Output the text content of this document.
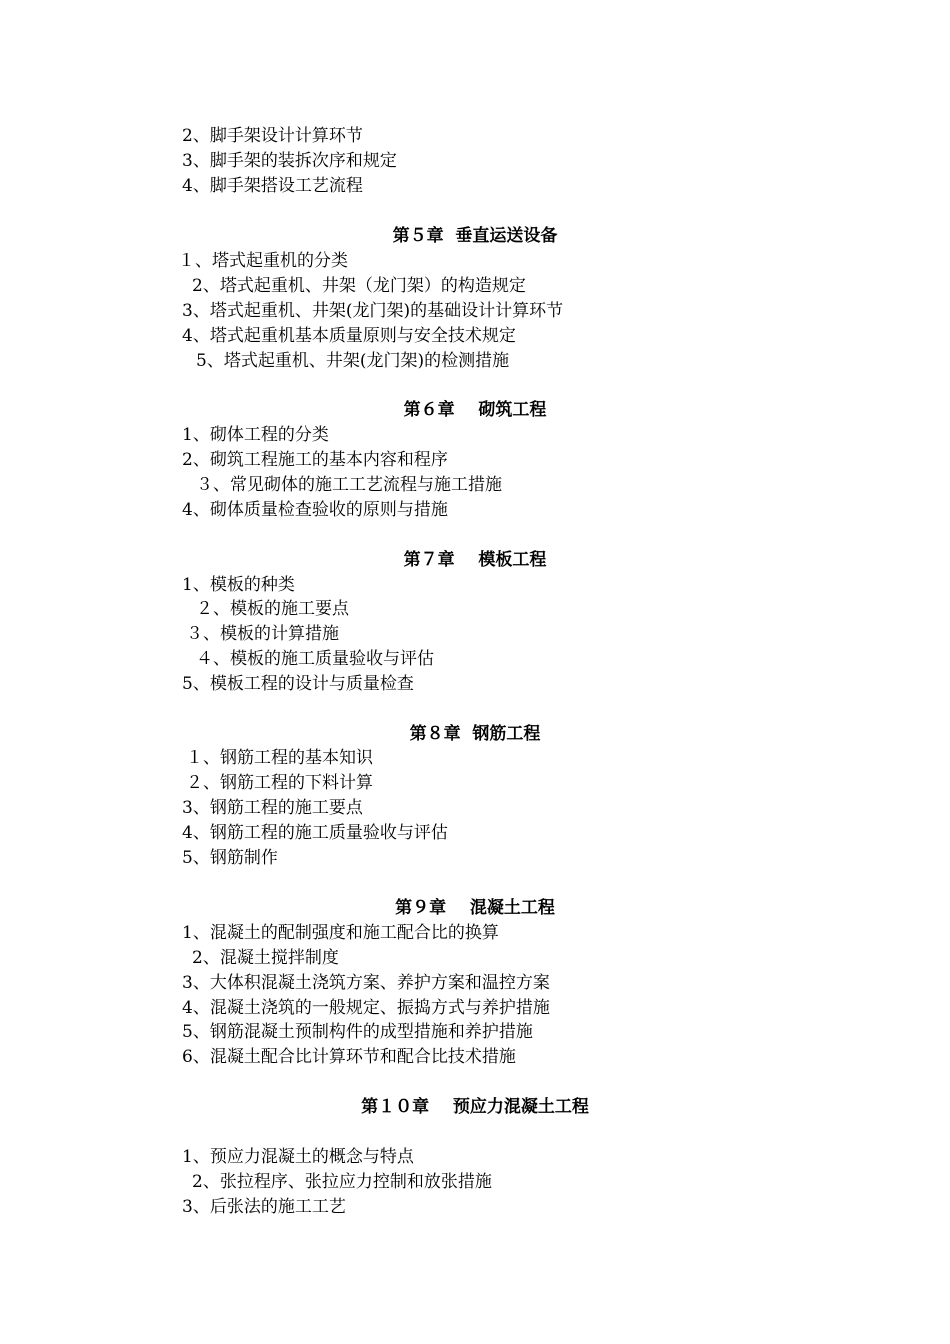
2、脚手架设计计算环节
3、脚手架的装拆次序和规定
4、脚手架搭设工艺流程
第５章  垂直运送设备
１、塔式起重机的分类
2、塔式起重机、井架（龙门架）的构造规定
3、塔式起重机、井架(龙门架)的基础设计计算环节
4、塔式起重机基本质量原则与安全技术规定
5、塔式起重机、井架(龙门架)的检测措施
第６章    砌筑工程
1、砌体工程的分类
2、砌筑工程施工的基本内容和程序
３、常见砌体的施工工艺流程与施工措施
4、砌体质量检查验收的原则与措施
第７章    模板工程
1、模板的种类
２、模板的施工要点
３、模板的计算措施
４、模板的施工质量验收与评估
5、模板工程的设计与质量检查
第８章  钢筋工程
１、钢筋工程的基本知识
２、钢筋工程的下料计算
3、钢筋工程的施工要点
4、钢筋工程的施工质量验收与评估
5、钢筋制作
第９章    混凝土工程
1、混凝土的配制强度和施工配合比的换算
2、混凝土搅拌制度
3、大体积混凝土浇筑方案、养护方案和温控方案
4、混凝土浇筑的一般规定、振捣方式与养护措施
5、钢筋混凝土预制构件的成型措施和养护措施
6、混凝土配合比计算环节和配合比技术措施
第１０章    预应力混凝土工程
1、预应力混凝土的概念与特点
2、张拉程序、张拉应力控制和放张措施
3、后张法的施工工艺
